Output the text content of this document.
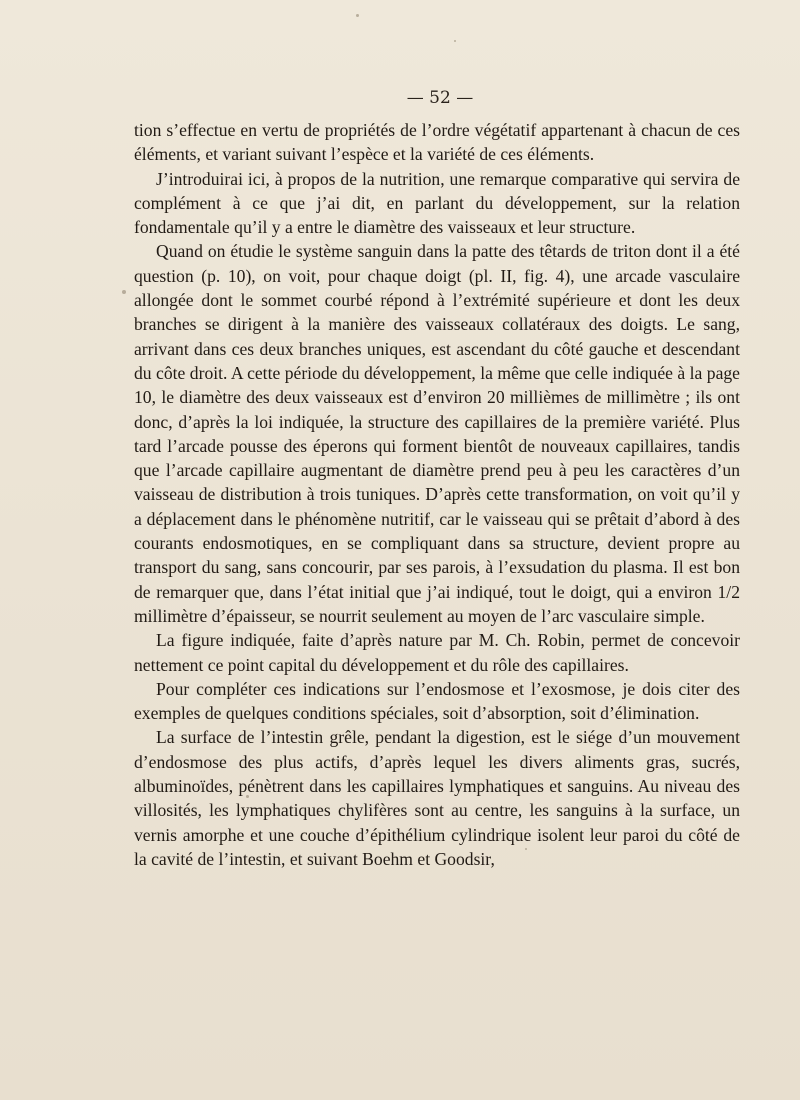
— 52 —

tion s’effectue en vertu de propriétés de l’ordre végétatif appartenant à chacun de ces éléments, et variant suivant l’espèce et la variété de ces éléments.

J’introduirai ici, à propos de la nutrition, une remarque comparative qui servira de complément à ce que j’ai dit, en parlant du développement, sur la relation fondamentale qu’il y a entre le diamètre des vaisseaux et leur structure.

Quand on étudie le système sanguin dans la patte des têtards de triton dont il a été question (p. 10), on voit, pour chaque doigt (pl. II, fig. 4), une arcade vasculaire allongée dont le sommet courbé répond à l’extrémité supérieure et dont les deux branches se dirigent à la manière des vaisseaux collatéraux des doigts. Le sang, arrivant dans ces deux branches uniques, est ascendant du côté gauche et descendant du côte droit. A cette période du développement, la même que celle indiquée à la page 10, le diamètre des deux vaisseaux est d’environ 20 millièmes de millimètre ; ils ont donc, d’après la loi indiquée, la structure des capillaires de la première variété. Plus tard l’arcade pousse des éperons qui forment bientôt de nouveaux capillaires, tandis que l’arcade capillaire augmentant de diamètre prend peu à peu les caractères d’un vaisseau de distribution à trois tuniques. D’après cette transformation, on voit qu’il y a déplacement dans le phénomène nutritif, car le vaisseau qui se prêtait d’abord à des courants endosmotiques, en se compliquant dans sa structure, devient propre au transport du sang, sans concourir, par ses parois, à l’exsudation du plasma. Il est bon de remarquer que, dans l’état initial que j’ai indiqué, tout le doigt, qui a environ 1/2 millimètre d’épaisseur, se nourrit seulement au moyen de l’arc vasculaire simple.

La figure indiquée, faite d’après nature par M. Ch. Robin, permet de concevoir nettement ce point capital du développement et du rôle des capillaires.

Pour compléter ces indications sur l’endosmose et l’exosmose, je dois citer des exemples de quelques conditions spéciales, soit d’absorption, soit d’élimination.

La surface de l’intestin grêle, pendant la digestion, est le siége d’un mouvement d’endosmose des plus actifs, d’après lequel les divers aliments gras, sucrés, albuminoïdes, pénètrent dans les capillaires lymphatiques et sanguins. Au niveau des villosités, les lymphatiques chylifères sont au centre, les sanguins à la surface, un vernis amorphe et une couche d’épithélium cylindrique isolent leur paroi du côté de la cavité de l’intestin, et suivant Boehm et Goodsir,
